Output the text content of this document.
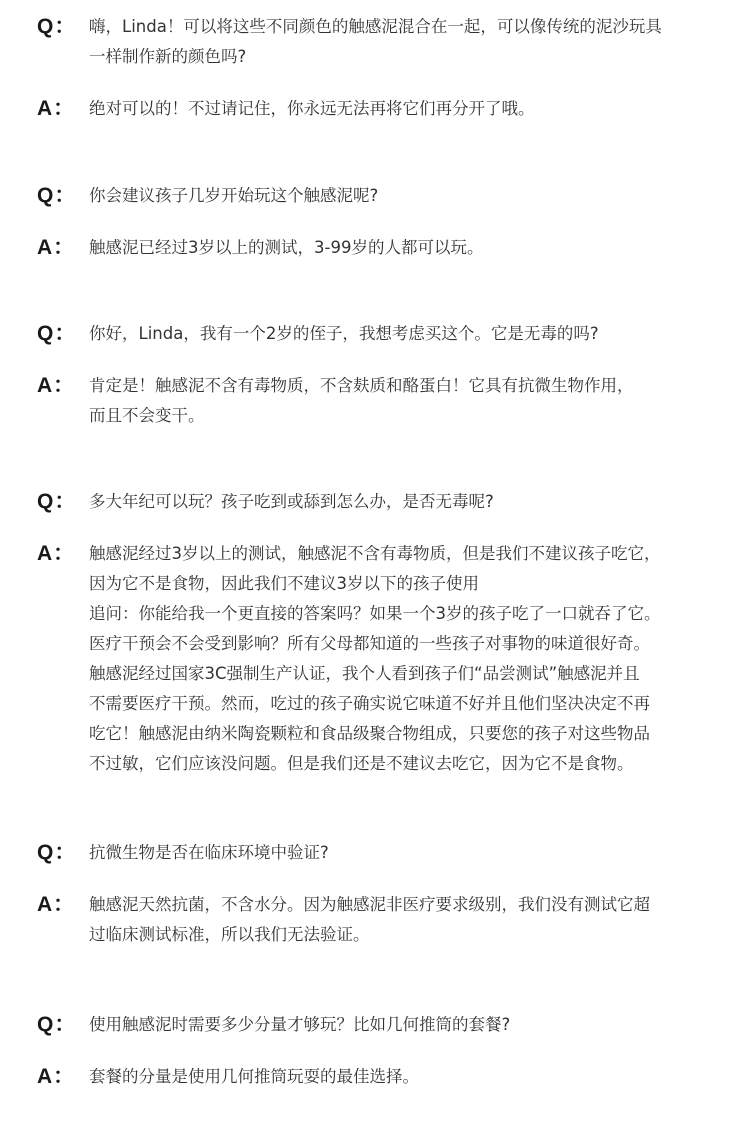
Q： 嗨，Linda！可以将这些不同颜色的触感泥混合在一起，可以像传统的泥沙玩具
一样制作新的颜色吗?
A： 绝对可以的！不过请记住，你永远无法再将它们再分开了哦。
Q： 你会建议孩子几岁开始玩这个触感泥呢?
A： 触感泥已经过3岁以上的测试，3-99岁的人都可以玩。
Q： 你好，Linda，我有一个2岁的侄子，我想考虑买这个。它是无毒的吗?
A： 肯定是！触感泥不含有毒物质，不含麸质和酪蛋白！它具有抗微生物作用，
而且不会变干。
Q： 多大年纪可以玩？孩子吃到或舔到怎么办，是否无毒呢?
A： 触感泥经过3岁以上的测试，触感泥不含有毒物质，但是我们不建议孩子吃它，
因为它不是食物，因此我们不建议3岁以下的孩子使用
追问：你能给我一个更直接的答案吗？如果一个3岁的孩子吃了一口就吞了它。
医疗干预会不会受到影响？所有父母都知道的一些孩子对事物的味道很好奇。
触感泥经过国家3C强制生产认证，我个人看到孩子们“品尝测试”触感泥并且
不需要医疗干预。然而，吃过的孩子确实说它味道不好并且他们坚决决定不再
吃它！触感泥由纳米陶瓷颗粒和食品级聚合物组成，只要您的孩子对这些物品
不过敏，它们应该没问题。但是我们还是不建议去吃它，因为它不是食物。
Q： 抗微生物是否在临床环境中验证?
A： 触感泥天然抗菌，不含水分。因为触感泥非医疗要求级别，我们没有测试它超
过临床测试标准，所以我们无法验证。
Q： 使用触感泥时需要多少分量才够玩？比如几何推筒的套餐?
A： 套餐的分量是使用几何推筒玩耍的最佳选择。
